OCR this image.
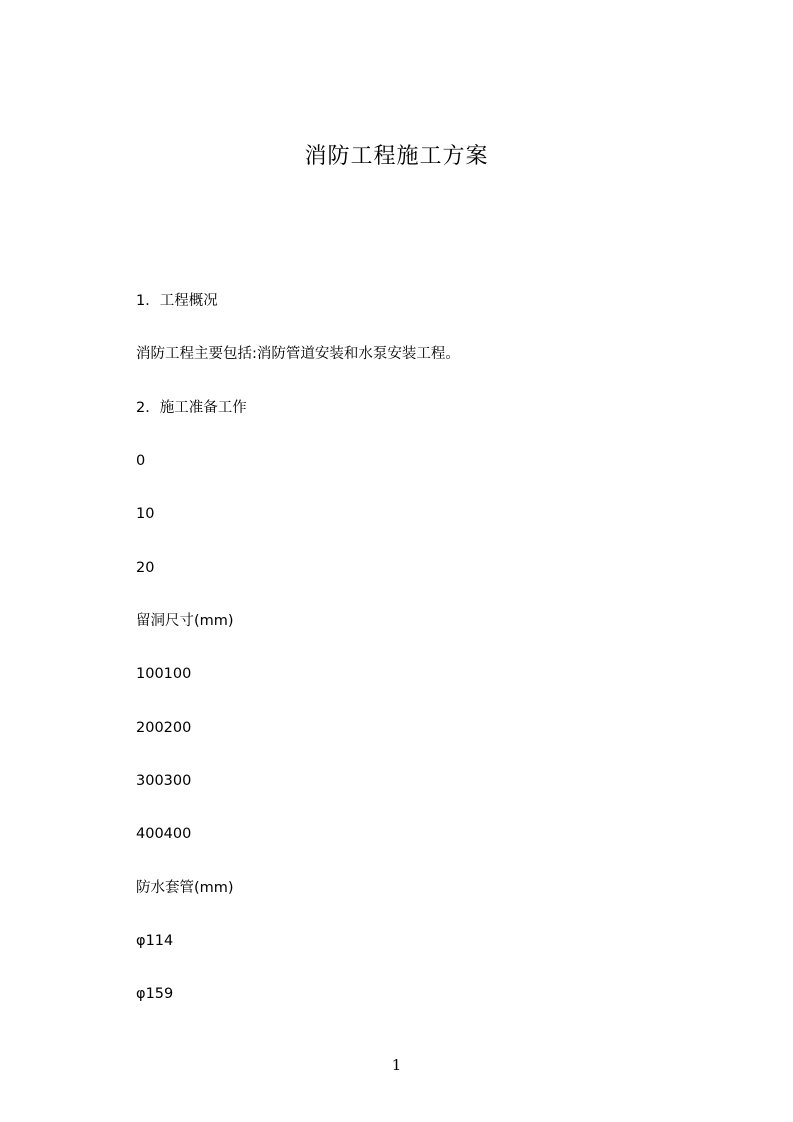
消防工程施工方案
1．工程概况
消防工程主要包括:消防管道安装和水泵安装工程。
2．施工准备工作
0
10
20
留洞尺寸(mm)
100100
200200
300300
400400
防水套管(mm)
φ114
φ159
1
